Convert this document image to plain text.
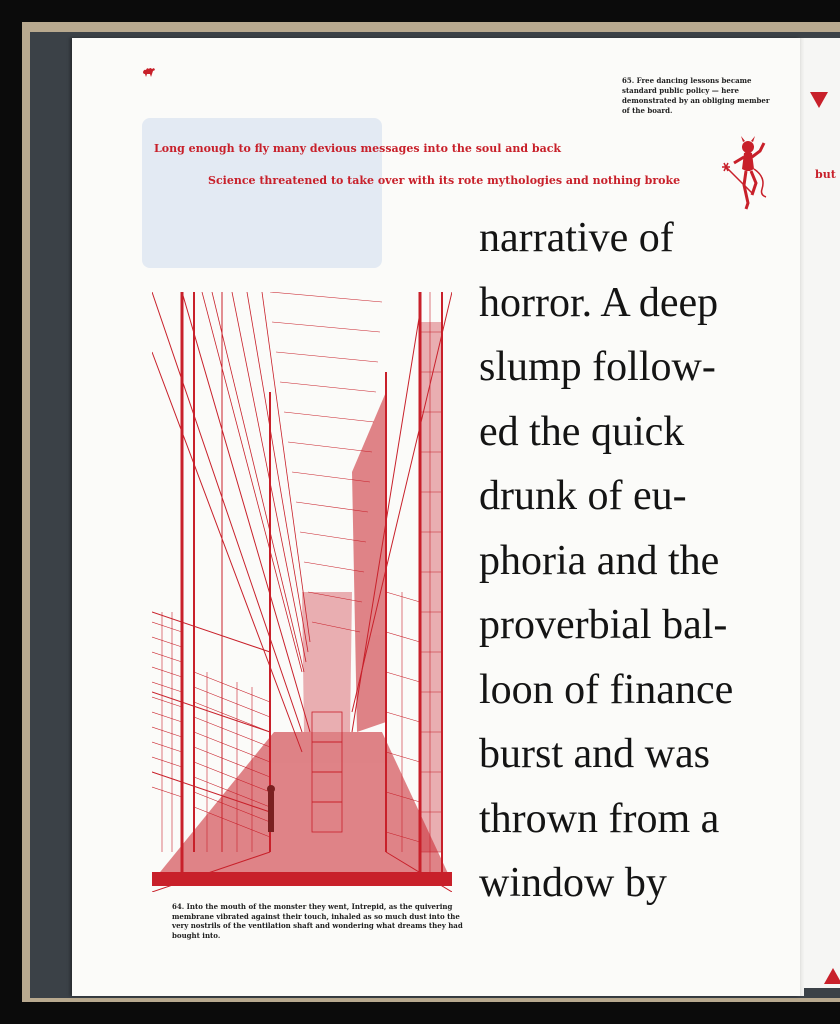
65. Free dancing lessons became standard public policy — here demonstrated by an obliging member of the board.
Long enough to fly many devious messages into the soul and back
Science threatened to take over with its rote mythologies and nothing broke
64. Into the mouth of the monster they went, Intrepid, as the quivering membrane vibrated against their touch, inhaled as so much dust into the very nostrils of the ventilation shaft and wondering what dreams they had bought into.
narrative of
horror. A deep
slump follow-
ed the quick
drunk of eu-
phoria and the
proverbial bal-
loon of finance
burst and was
thrown from a
window by
but
